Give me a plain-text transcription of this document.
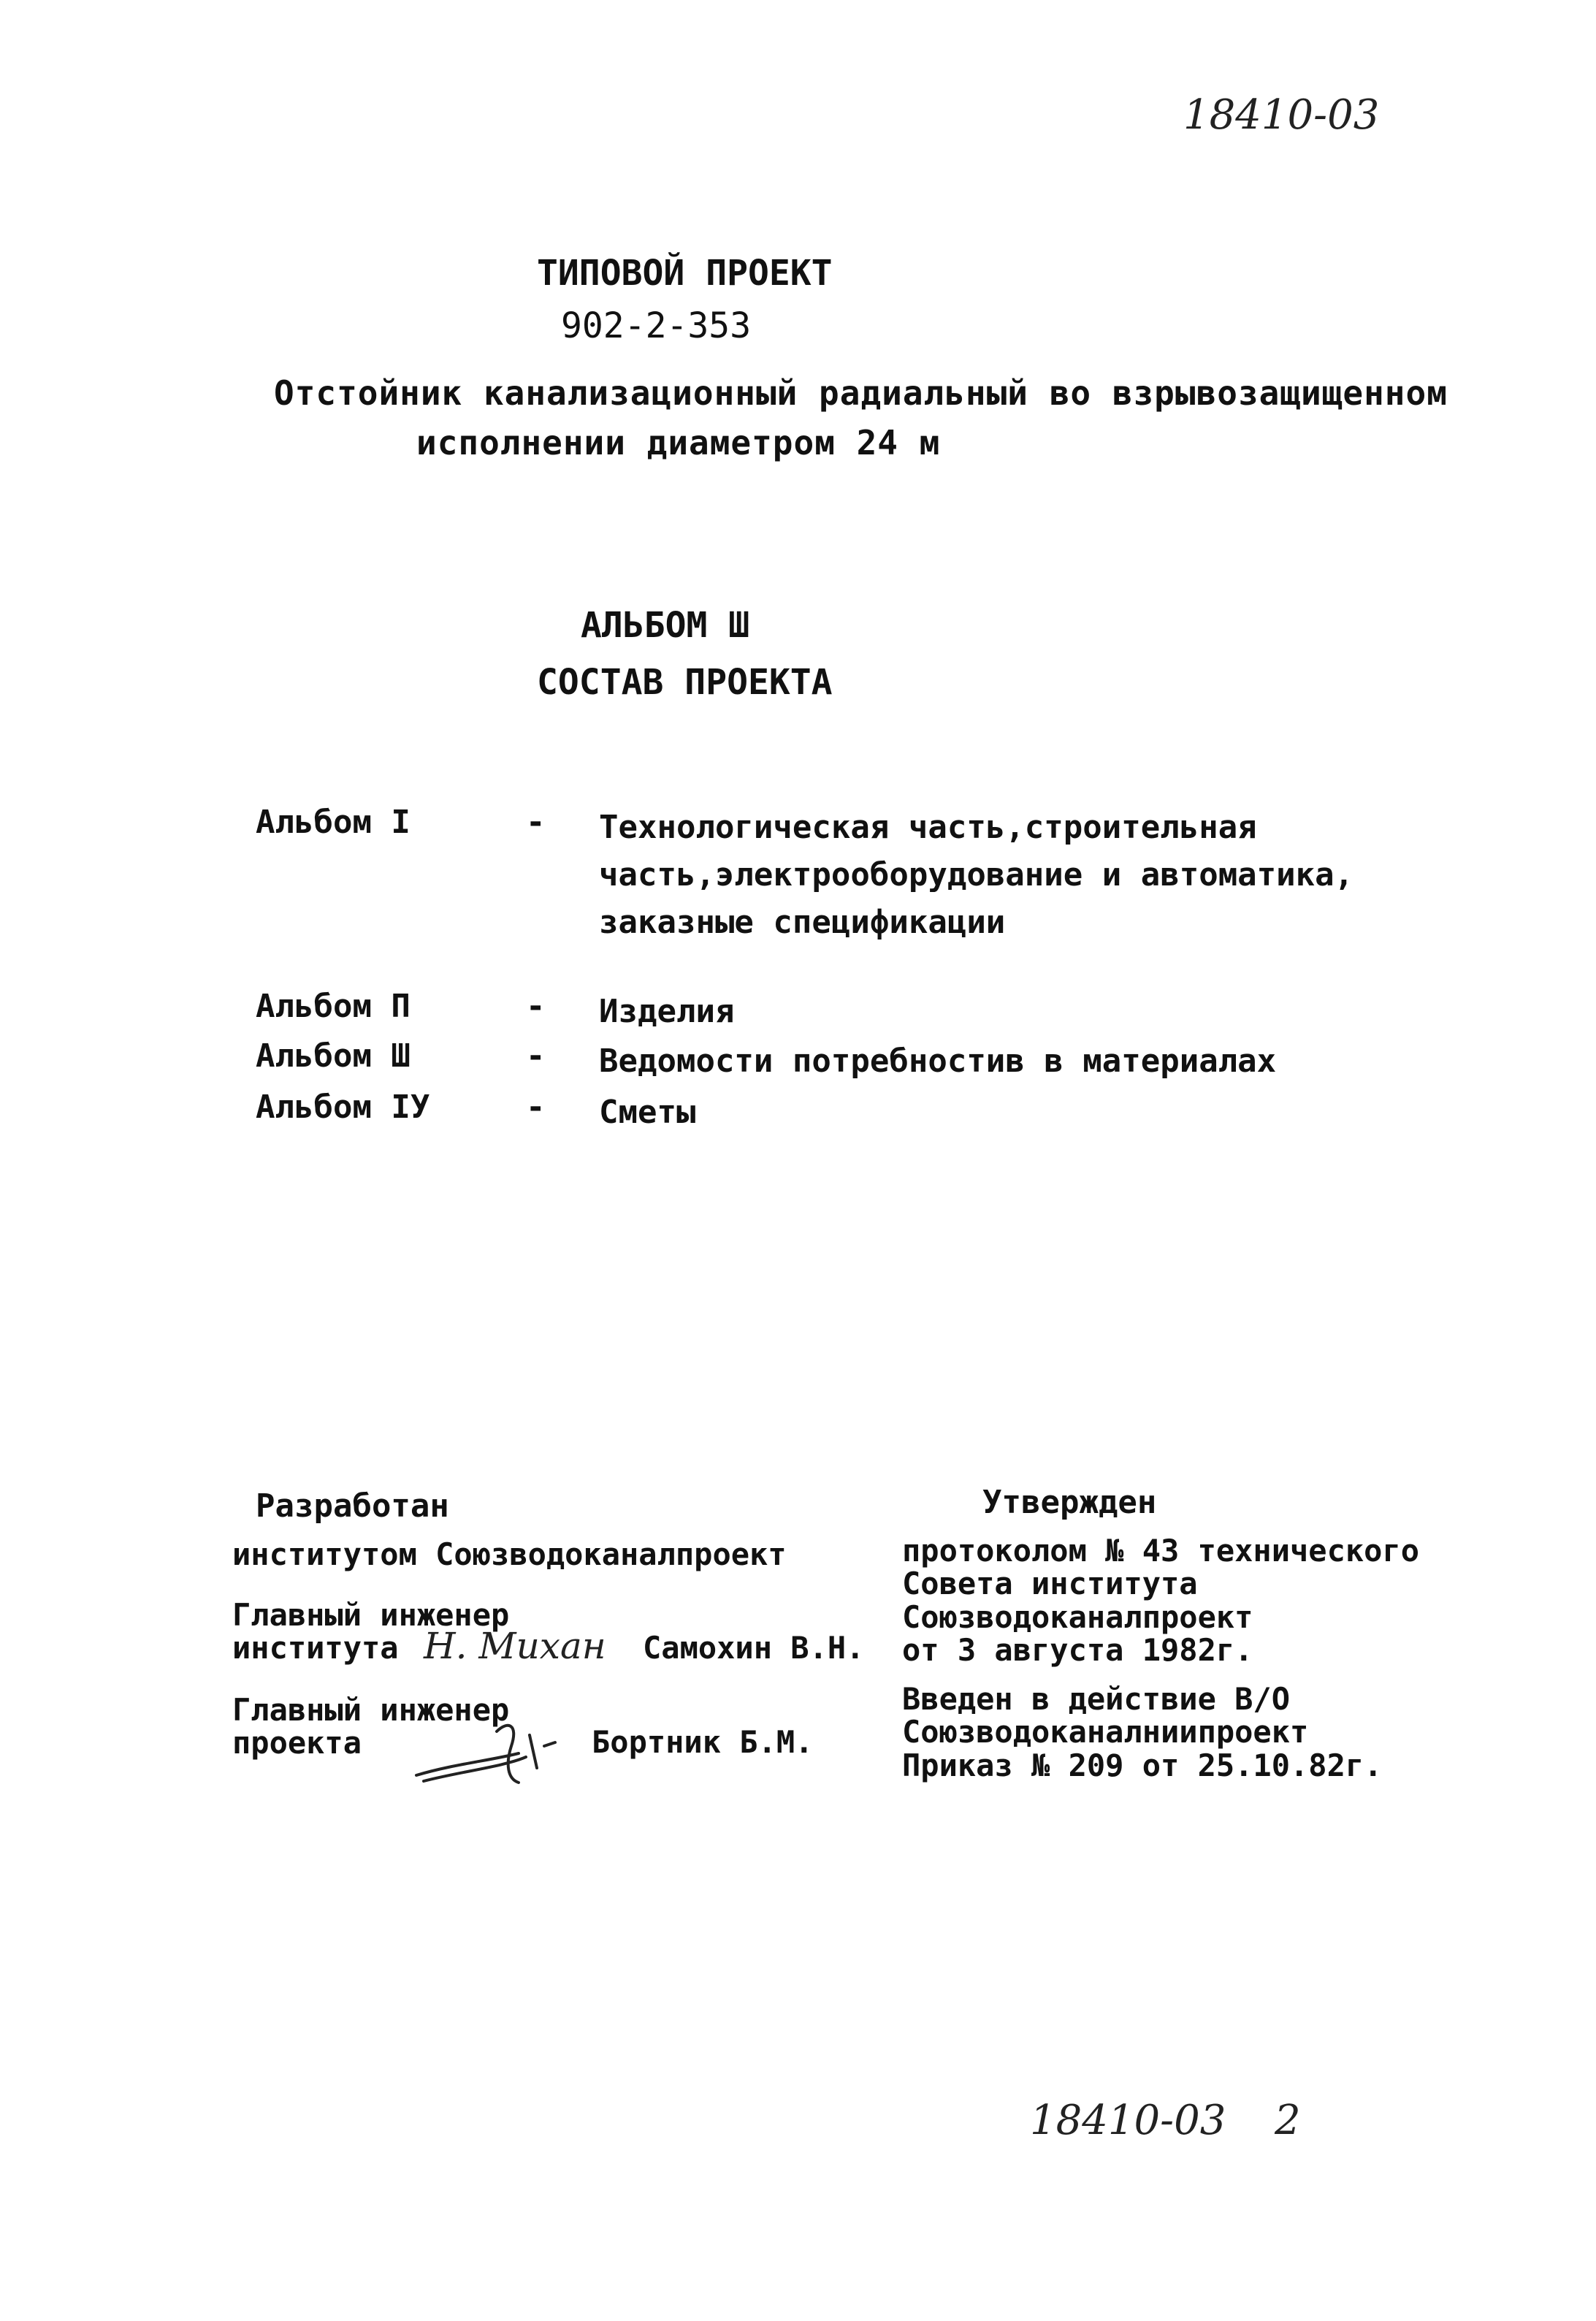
18410-03
ТИПОВОЙ ПРОЕКТ
902-2-353
Отстойник канализационный радиальный во взрывозащищенном
исполнении диаметром 24 м
АЛЬБОМ Ш
СОСТАВ ПРОЕКТА
Альбом I	- Технологическая часть,строительная
часть,электрооборудование и автоматика,
заказные спецификации
Альбом П	- Изделия
Альбом Ш	- Ведомости потребностив в материалах
Альбом IУ	- Сметы
Разработан
институтом Союзводоканалпроект
Главный инженер
института Н. Михан Самохин В.Н.
Главный инженер
проекта	Бортник Б.М.
Утвержден
протоколом № 43 технического
Совета института
Союзводоканалпроект
от 3 августа 1982г.
Введен в действие В/О
Союзводоканалниипроект
Приказ № 209 от 25.10.82г.
18410-03 2
